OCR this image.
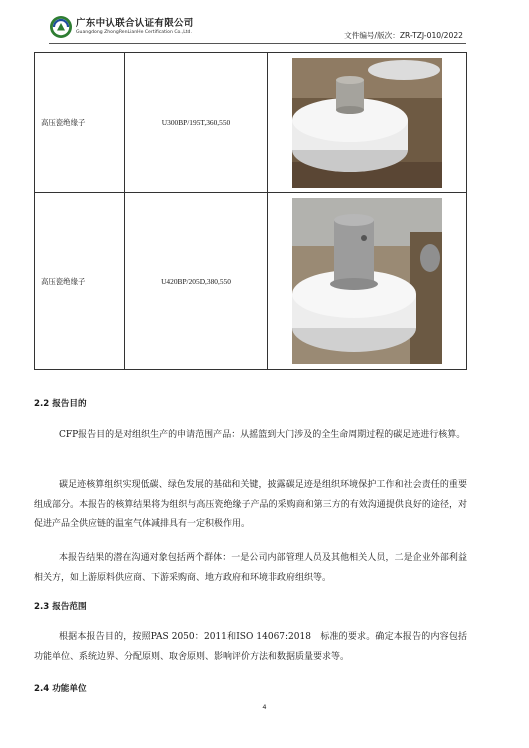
广东中认联合认证有限公司
Guangdong ZhongRenLianHe Certification Co.,Ltd.	文件编号/版次：ZR-TZJ-010/2022
高压瓷绝缘子	U300BP/195T,360,550	

高压瓷绝缘子	U420BP/205D,380,550	
2.2 报告目的

CFP报告目的是对组织生产的申请范围产品：从摇篮到大门涉及的全生命周期过程的碳足迹进行核算。

碳足迹核算组织实现低碳、绿色发展的基础和关键，披露碳足迹是组织环境保护工作和社会责任的重要组成部分。本报告的核算结果将为组织与高压瓷绝缘子产品的采购商和第三方的有效沟通提供良好的途径，对促进产品全供应链的温室气体减排具有一定积极作用。

本报告结果的潜在沟通对象包括两个群体：一是公司内部管理人员及其他相关人员，二是企业外部利益相关方，如上游原料供应商、下游采购商、地方政府和环境非政府组织等。

2.3 报告范围

根据本报告目的，按照PAS 2050：2011和ISO 14067:2018　标准的要求。确定本报告的内容包括功能单位、系统边界、分配原则、取舍原则、影响评价方法和数据质量要求等。

2.4 功能单位
4
